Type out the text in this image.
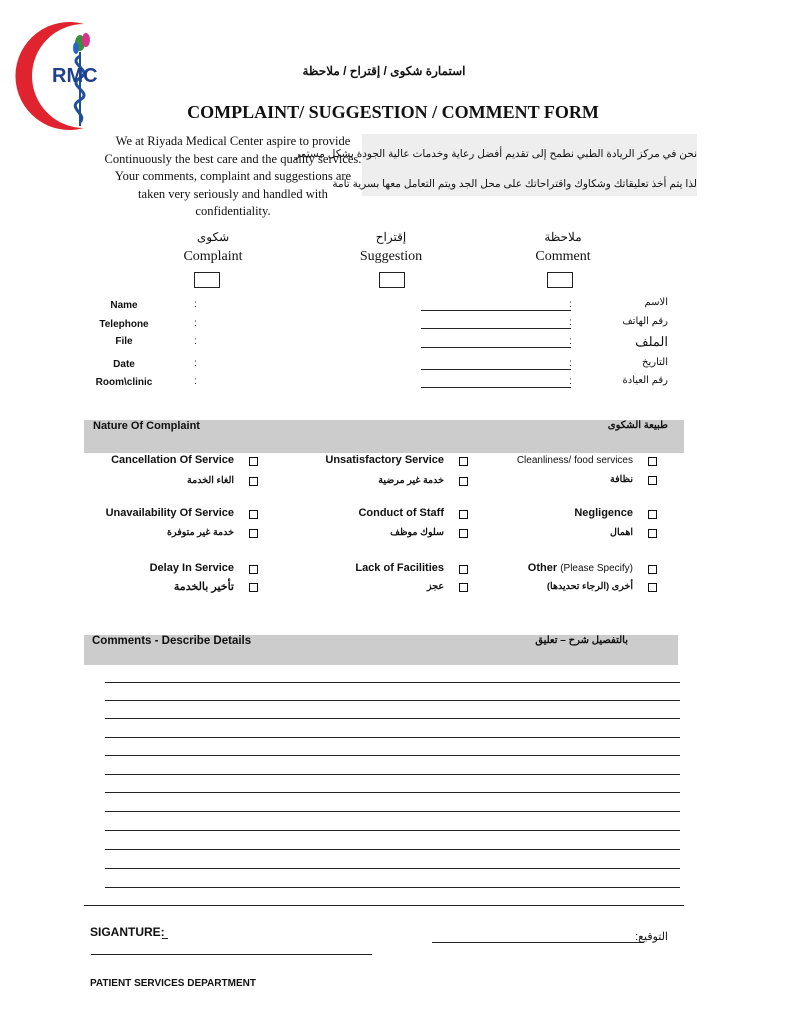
RMC	استمارة شكوى / إقتراح / ملاحظة
COMPLAINT/ SUGGESTION / COMMENT FORM
We at Riyada Medical Center aspire to provide
Continuously the best care and the quality services.
Your comments, complaint and suggestions are
taken very seriously and handled with
confidentiality.
نحن في مركز الريادة الطبي نطمح إلى تقديم أفضل رعاية وخدمات عالية الجودة بشكل مستمر
لذا يتم أخذ تعليقاتك وشكاوك واقتراحاتك على محل الجد ويتم التعامل معها بسرية تامة
شكوى
Complaint
إقتراح
Suggestion
ملاحظة
Comment
Name	:	:	الاسم
Telephone	:	:	رقم الهاتف
File	:	:	الملف
Date	:	:	التاريخ
Room\clinic	:	:	رقم العيادة
Nature Of Complaint	طبيعة الشكوى
Cancellation Of Service
الغاء الخدمة
Unsatisfactory Service
خدمة غير مرضية
Cleanliness/ food services
نظافة
Unavailability Of Service
خدمة غير متوفرة
Conduct of Staff
سلوك موظف
Negligence
اهمال
Delay In Service
تأخير بالخدمة
Lack of Facilities
عجز
Other (Please Specify)
أخرى (الرجاء تحديدها)
Comments - Describe Details	بالتفصيل شرح – تعليق
SIGANTURE:	التوقيع:
PATIENT SERVICES DEPARTMENT
